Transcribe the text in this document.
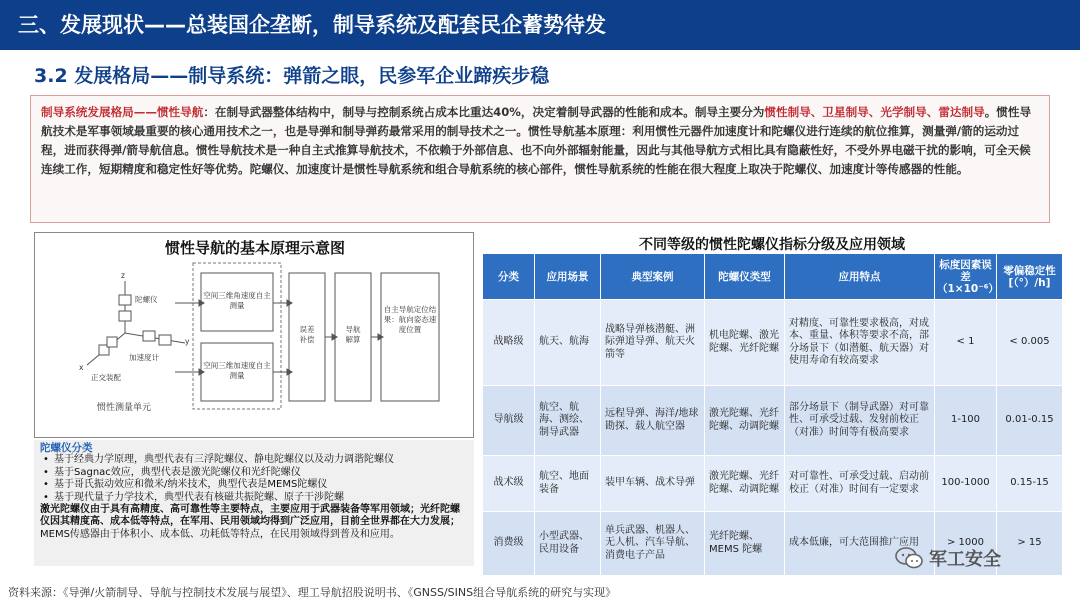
三、发展现状——总装国企垄断，制导系统及配套民企蓄势待发
3.2 发展格局——制导系统：弹箭之眼，民参军企业蹄疾步稳
制导系统发展格局——惯性导航：在制导武器整体结构中，制导与控制系统占成本比重达40%，决定着制导武器的性能和成本。制导主要分为惯性制导、卫星制导、光学制导、雷达制导。惯性导航技术是军事领域最重要的核心通用技术之一，也是导弹和制导弹药最常采用的制导技术之一。惯性导航基本原理：利用惯性元器件加速度计和陀螺仪进行连续的航位推算，测量弹/箭的运动过程，进而获得弹/箭导航信息。惯性导航技术是一种自主式推算导航技术，不依赖于外部信息、也不向外部辐射能量，因此与其他导航方式相比具有隐蔽性好，不受外界电磁干扰的影响，可全天候连续工作，短期精度和稳定性好等优势。陀螺仪、加速度计是惯性导航系统和组合导航系统的核心部件，惯性导航系统的性能在很大程度上取决于陀螺仪、加速度计等传感器的性能。
惯性导航的基本原理示意图
z
y
x
陀螺仪
加速度计
正交装配
空间三维角速度自主测量
空间三维加速度自主测量
误差补偿
导航解算
自主导航定位结果：航向姿态速度位置
惯性测量单元
陀螺仪分类
• 基于经典力学原理，典型代表有三浮陀螺仪、静电陀螺仪以及动力调谐陀螺仪
• 基于Sagnac效应，典型代表是激光陀螺仪和光纤陀螺仪
• 基于哥氏振动效应和微米/纳米技术，典型代表是MEMS陀螺仪
• 基于现代量子力学技术，典型代表有核磁共振陀螺、原子干涉陀螺
激光陀螺仪由于具有高精度、高可靠性等主要特点，主要应用于武器装备等军用领域；光纤陀螺仪因其精度高、成本低等特点，在军用、民用领域均得到广泛应用，目前全世界都在大力发展；MEMS传感器由于体积小、成本低、功耗低等特点，在民用领域得到普及和应用。
不同等级的惯性陀螺仪指标分级及应用领域
分类	应用场景	典型案例	陀螺仪类型	应用特点	标度因素误差（1×10⁻⁶）	零偏稳定性[（°）/h]
战略级	航天、航海	战略导弹核潜艇、洲际弹道导弹、航天火箭等	机电陀螺、激光陀螺、光纤陀螺	对精度、可靠性要求极高，对成本、重量、体积等要求不高，部分场景下（如潜艇、航天器）对使用寿命有较高要求	< 1	< 0.005
导航级	航空、航海、测绘、制导武器	远程导弹、海洋/地球勘探、载人航空器	激光陀螺、光纤陀螺、动调陀螺	部分场景下（制导武器）对可靠性、可承受过载、发射前校正（对准）时间等有极高要求	1-100	0.01-0.15
战术级	航空、地面装备	装甲车辆、战术导弹	激光陀螺、光纤陀螺、动调陀螺	对可靠性、可承受过载、启动前校正（对准）时间有一定要求	100-1000	0.15-15
消费级	小型武器、民用设备	单兵武器、机器人、无人机、汽车导航、消费电子产品	光纤陀螺、MEMS 陀螺	成本低廉，可大范围推广应用	> 1000	> 15
军工安全
资料来源：《导弹/火箭制导、导航与控制技术发展与展望》、理工导航招股说明书、《GNSS/SINS组合导航系统的研究与实现》
